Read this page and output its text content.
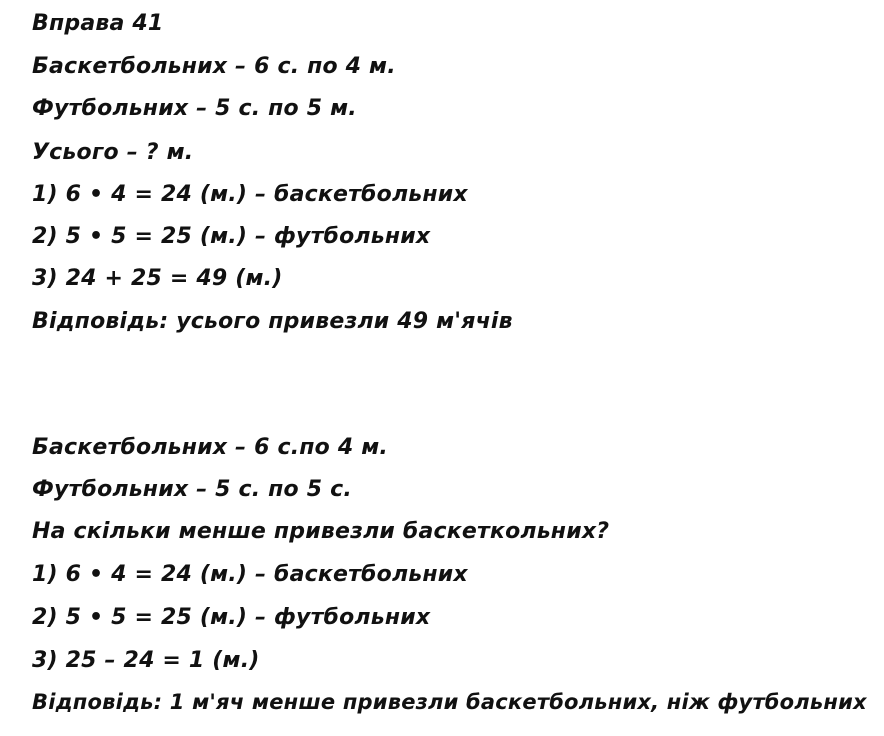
Вправа 41
Баскетбольних – 6 с. по 4 м.
Футбольних – 5 с. по 5 м.
Усього – ? м.
1) 6 • 4 = 24 (м.) – баскетбольних
2) 5 • 5 = 25 (м.) – футбольних
3) 24 + 25 = 49 (м.)
Відповідь: усього привезли 49 м'ячів
Баскетбольних – 6 с.по 4 м.
Футбольних – 5 с. по 5 с.
На скільки менше привезли баскеткольних?
1) 6 • 4 = 24 (м.) – баскетбольних
2) 5 • 5 = 25 (м.) – футбольних
3) 25 – 24 = 1 (м.)
Відповідь: 1 м'яч менше привезли баскетбольних, ніж футбольних
